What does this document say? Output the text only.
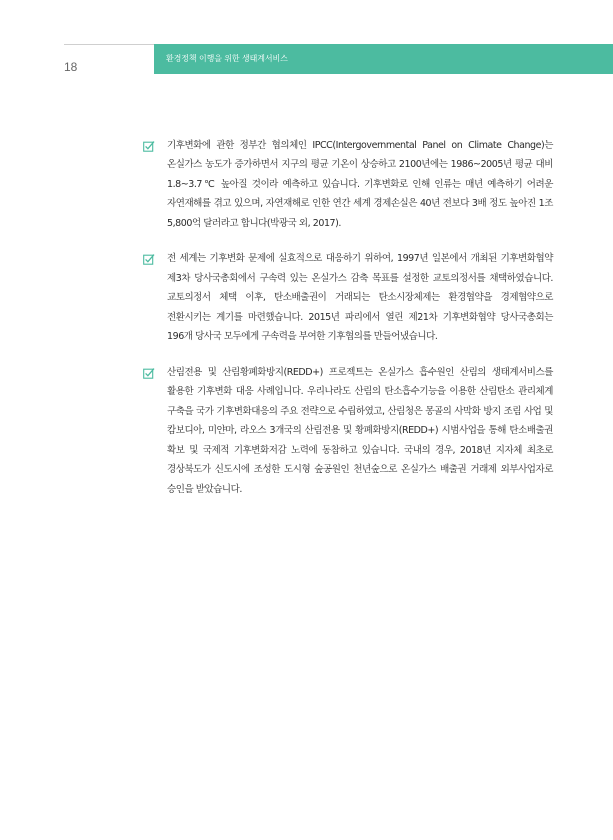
환경정책 이행을 위한 생태계서비스
18

기후변화에 관한 정부간 협의체인 IPCC(Intergovernmental Panel on Climate Change)는 온실가스 농도가 증가하면서 지구의 평균 기온이 상승하고 2100년에는 1986~2005년 평균 대비 1.8~3.7℃ 높아질 것이라 예측하고 있습니다. 기후변화로 인해 인류는 매년 예측하기 어려운 자연재해를 겪고 있으며, 자연재해로 인한 연간 세계 경제손실은 40년 전보다 3배 정도 높아진 1조 5,800억 달러라고 합니다(박광국 외, 2017).

전 세계는 기후변화 문제에 실효적으로 대응하기 위하여, 1997년 일본에서 개최된 기후변화협약 제3차 당사국총회에서 구속력 있는 온실가스 감축 목표를 설정한 교토의정서를 채택하였습니다. 교토의정서 체택 이후, 탄소배출권이 거래되는 탄소시장체제는 환경협약을 경제협약으로 전환시키는 계기를 마련했습니다. 2015년 파리에서 열린 제21차 기후변화협약 당사국총회는 196개 당사국 모두에게 구속력을 부여한 기후협의를 만들어냈습니다.

산림전용 및 산림황폐화방지(REDD+) 프로젝트는 온실가스 흡수원인 산림의 생태계서비스를 활용한 기후변화 대응 사례입니다. 우리나라도 산림의 탄소흡수기능을 이용한 산림탄소 관리체계 구축을 국가 기후변화대응의 주요 전략으로 수립하였고, 산림청은 몽골의 사막화 방지 조림 사업 및 캄보디아, 미얀마, 라오스 3개국의 산림전용 및 황폐화방지(REDD+) 시범사업을 통해 탄소배출권 확보 및 국제적 기후변화저감 노력에 동참하고 있습니다. 국내의 경우, 2018년 지자체 최초로 경상북도가 신도시에 조성한 도시형 숲공원인 천년숲으로 온실가스 배출권 거래제 외부사업자로 승인을 받았습니다.
